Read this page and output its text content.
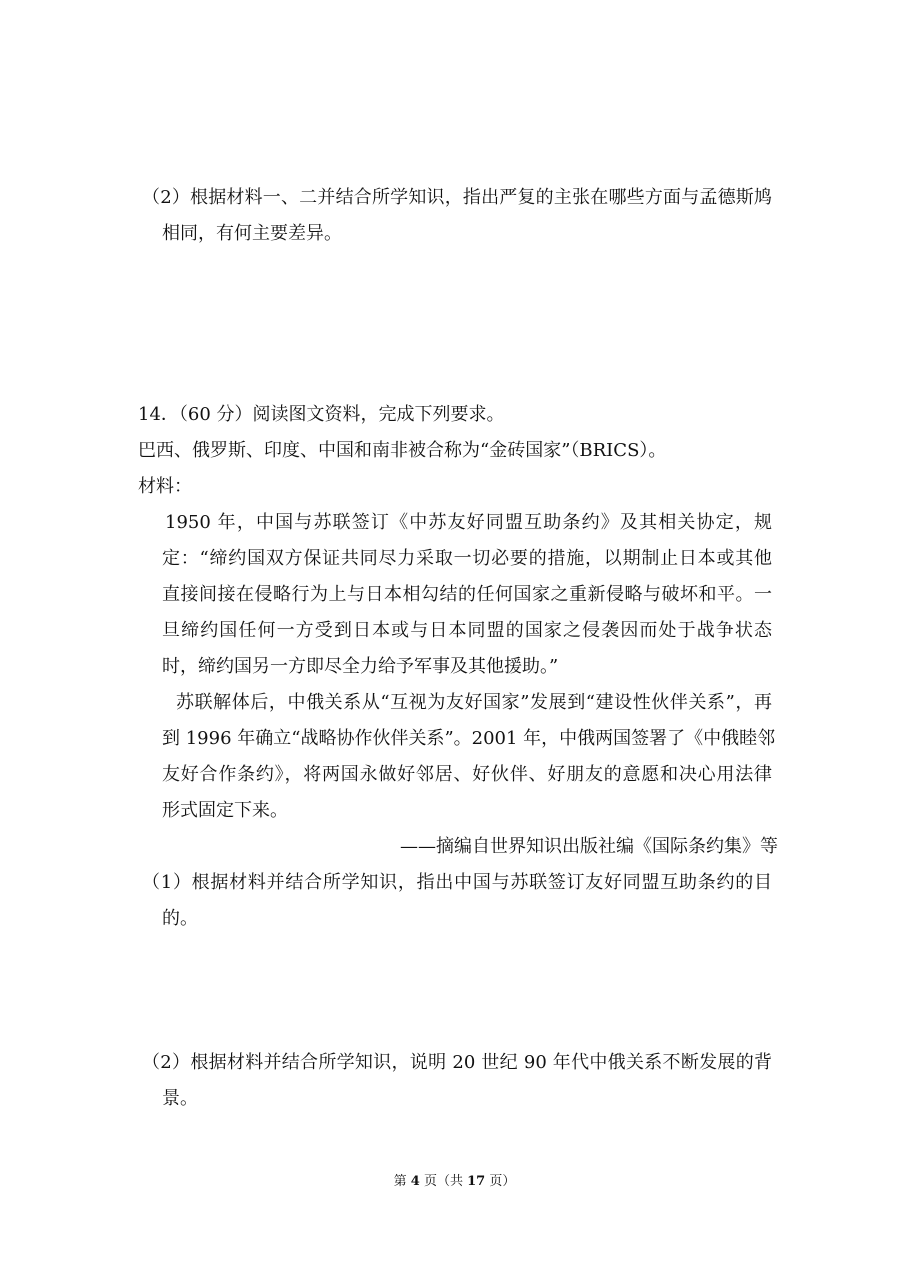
（2）根据材料一、二并结合所学知识，指出严复的主张在哪些方面与孟德斯鸠
相同，有何主要差异。
14．（60 分）阅读图文资料，完成下列要求。
巴西、俄罗斯、印度、中国和南非被合称为“金砖国家”（BRICS）。
材料：
1950 年，中国与苏联签订《中苏友好同盟互助条约》及其相关协定，规
定：“缔约国双方保证共同尽力采取一切必要的措施，以期制止日本或其他
直接间接在侵略行为上与日本相勾结的任何国家之重新侵略与破坏和平。一
旦缔约国任何一方受到日本或与日本同盟的国家之侵袭因而处于战争状态
时，缔约国另一方即尽全力给予军事及其他援助。”
苏联解体后，中俄关系从“互视为友好国家”发展到“建设性伙伴关系”，再
到 1996 年确立“战略协作伙伴关系”。2001 年，中俄两国签署了《中俄睦邻
友好合作条约》，将两国永做好邻居、好伙伴、好朋友的意愿和决心用法律
形式固定下来。
——摘编自世界知识出版社编《国际条约集》等
（1）根据材料并结合所学知识，指出中国与苏联签订友好同盟互助条约的目
的。
（2）根据材料并结合所学知识，说明 20 世纪 90 年代中俄关系不断发展的背
景。
第 4 页（共 17 页）
